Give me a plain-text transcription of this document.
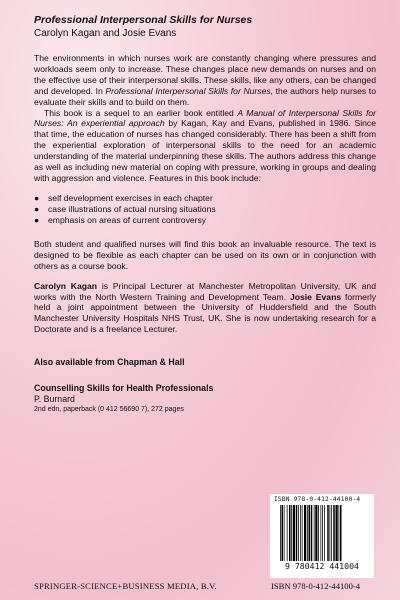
Professional Interpersonal Skills for Nurses
Carolyn Kagan and Josie Evans

The environments in which nurses work are constantly changing where pressures and workloads seem only to increase. These changes place new demands on nurses and on the effective use of their interpersonal skills. These skills, like any others, can be changed and developed. In Professional Interpersonal Skills for Nurses, the authors help nurses to evaluate their skills and to build on them.

This book is a sequel to an earlier book entitled A Manual of Interpersonal Skills for Nurses: An experiential approach by Kagan, Kay and Evans, published in 1986. Since that time, the education of nurses has changed considerably. There has been a shift from the experiential exploration of interpersonal skills to the need for an academic understanding of the material underpinning these skills. The authors address this change as well as including new material on coping with pressure, working in groups and dealing with aggression and violence. Features in this book include:

● self development exercises in each chapter
● case illustrations of actual nursing situations
● emphasis on areas of current controversy

Both student and qualified nurses will find this book an invaluable resource. The text is designed to be flexible as each chapter can be used on its own or in conjunction with others as a course book.

Carolyn Kagan is Principal Lecturer at Manchester Metropolitan University, UK and works with the North Western Training and Development Team. Josie Evans formerly held a joint appointment between the University of Huddersfield and the South Manchester University Hospitals NHS Trust, UK. She is now undertaking research for a Doctorate and is a freelance Lecturer.

Also available from Chapman & Hall
Counselling Skills for Health Professionals
P. Burnard
2nd edn, paperback (0 412 56690 7), 272 pages
ISBN 978-0-412-44100-4
9 780412 441004
SPRINGER-SCIENCE+BUSINESS MEDIA, B.V.	ISBN 978-0-412-44100-4
